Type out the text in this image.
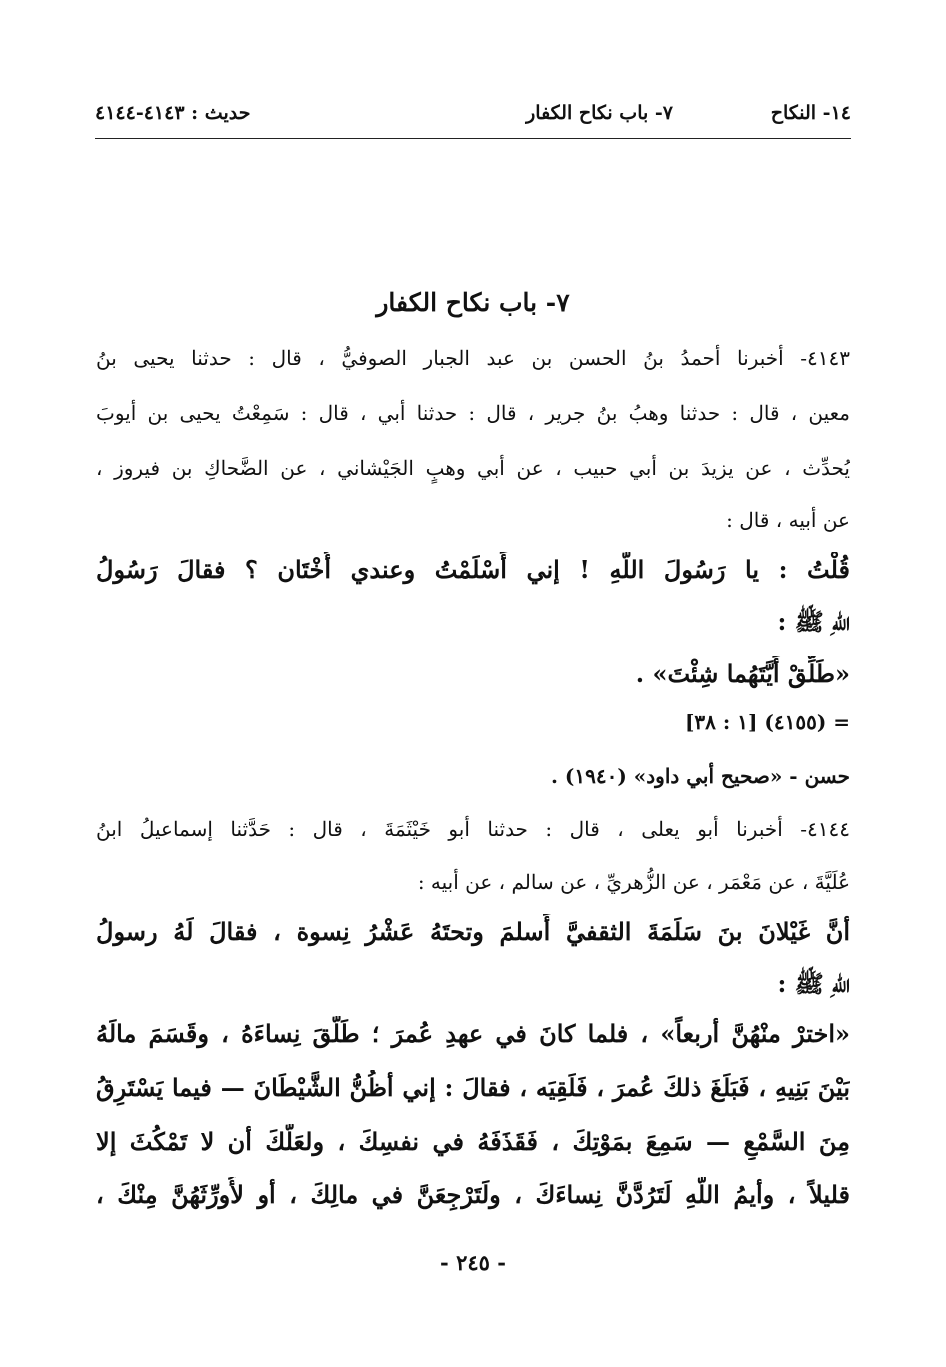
١٤- النكاح
٧- باب نكاح الكفار
حديث : ٤١٤٣-٤١٤٤
٧- باب نكاح الكفار
٤١٤٣- أخبرنا أحمدُ بنُ الحسن بن عبد الجبار الصوفيُّ ، قال : حدثنا يحيى بنُ
معين ، قال : حدثنا وهبُ بنُ جرير ، قال : حدثنا أبي ، قال : سَمِعْتُ يحيى بن أيوبَ
يُحدِّث ، عن يزيدَ بن أبي حبيب ، عن أبي وهبٍ الجَيْشاني ، عن الضَّحاكِ بن فيروز ،
عن أبيه ، قال :
قُلْتُ : يا رَسُولَ اللّهِ ! إني أَسْلَمْتُ وعندي أُخْتَان ؟ فقالَ رَسُولُ
اللّهِ ﷺ :
«طَلِّقْ أَيَّتَهُما شِئْتَ» .
= (٤١٥٥) [١ : ٣٨]
حسن - «صحيح أبي داود» (١٩٤٠) .
٤١٤٤- أخبرنا أبو يعلى ، قال : حدثنا أبو خَيْثَمَةَ ، قال : حَدَّثنا إسماعيلُ ابنُ
عُلَيَّةَ ، عن مَعْمَر ، عن الزُّهريِّ ، عن سالم ، عن أبيه :
أنَّ غَيْلانَ بنَ سَلَمَةَ الثقفيَّ أَسلمَ وتحتَهُ عَشْرُ نِسوة ، فقالَ لَهُ رسولُ
اللّهِ ﷺ :
«اخترْ منْهُنَّ أربعاً» ، فلما كانَ في عهدِ عُمرَ ؛ طَلَّقَ نِساءَهُ ، وقَسَمَ مالَهُ
بَيْنَ بَنِيهِ ، فَبَلَغَ ذلكَ عُمرَ ، فَلَقِيَه ، فقالَ : إني أظُنُّ الشَّيْطَانَ — فيما يَسْتَرِقُ
مِنَ السَّمْعِ — سَمِعَ بمَوْتِكَ ، فَقَذَفَهُ في نفسِكَ ، ولعَلَّكَ أن لا تَمْكُثَ إلا
قليلاً ، وأيمُ اللّهِ لَتَرُدَّنَّ نِساءَكَ ، ولَتَرْجِعَنَّ في مالِكَ ، أو لأُورِّثَهُنَّ مِنْكَ ،
- ٢٤٥ -
